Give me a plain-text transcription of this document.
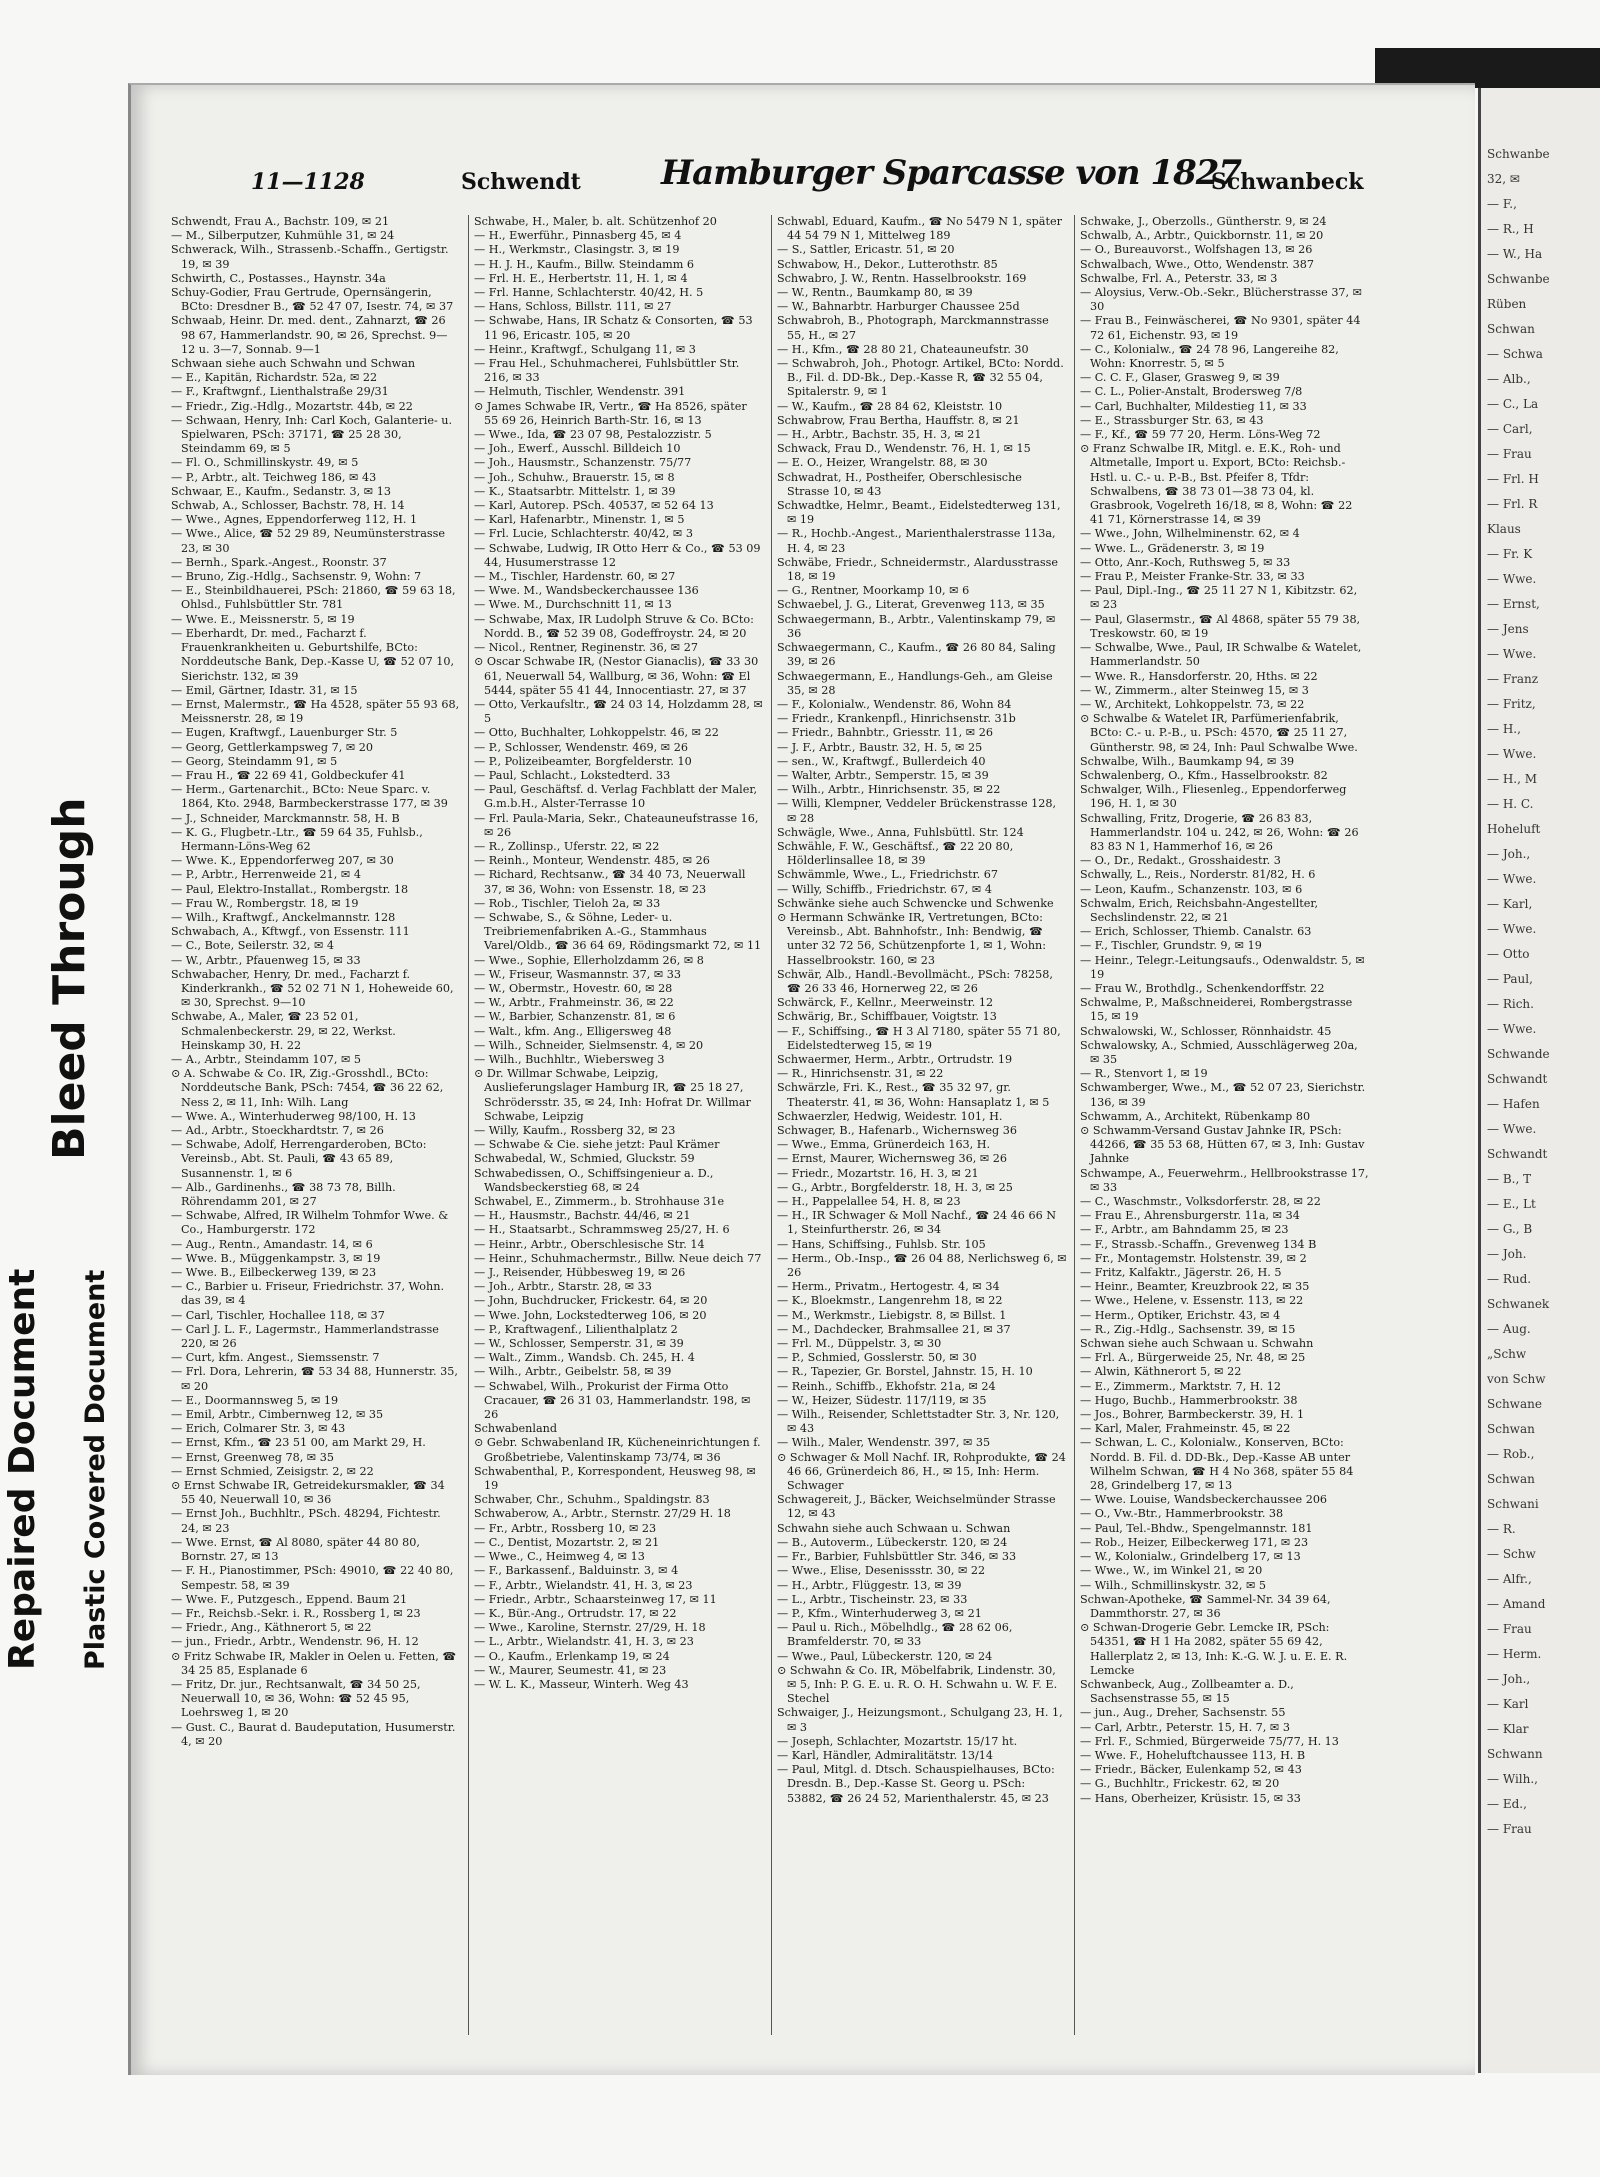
Bleed Through
Repaired Document Plastic Covered Document
11—1128	Schwendt Hamburger Sparcasse von 1827
Schwanbeck
Schwendt, Frau A., Bachstr. 109, ✉ 21
— M., Silberputzer, Kuhmühle 31, ✉ 24
Schwerack, Wilh., Strassenb.-Schaffn., Gertigstr. 19, ✉ 39
Schwirth, C., Postasses., Haynstr. 34a
Schuy-Godier, Frau Gertrude, Opernsängerin, BCto: Dresdner B., ☎ 52 47 07, Isestr. 74, ✉ 37
Schwaab, Heinr. Dr. med. dent., Zahnarzt, ☎ 26 98 67, Hammerlandstr. 90, ✉ 26, Sprechst. 9—12 u. 3—7, Sonnab. 9—1
Schwaan siehe auch Schwahn und Schwan
— E., Kapitän, Richardstr. 52a, ✉ 22
— F., Kraftwgnf., Lienthalstraße 29/31
— Friedr., Zig.-Hdlg., Mozartstr. 44b, ✉ 22
— Schwaan, Henry, Inh: Carl Koch, Galanterie- u. Spielwaren, PSch: 37171, ☎ 25 28 30, Steindamm 69, ✉ 5
— Fl. O., Schmillinskystr. 49, ✉ 5
— P., Arbtr., alt. Teichweg 186, ✉ 43
Schwaar, E., Kaufm., Sedanstr. 3, ✉ 13
Schwab, A., Schlosser, Bachstr. 78, H. 14
— Wwe., Agnes, Eppendorferweg 112, H. 1
— Wwe., Alice, ☎ 52 29 89, Neumünsterstrasse 23, ✉ 30
— Bernh., Spark.-Angest., Roonstr. 37
— Bruno, Zig.-Hdlg., Sachsenstr. 9, Wohn: 7
— E., Steinbildhauerei, PSch: 21860, ☎ 59 63 18, Ohlsd., Fuhlsbüttler Str. 781
— Wwe. E., Meissnerstr. 5, ✉ 19
— Eberhardt, Dr. med., Facharzt f. Frauenkrankheiten u. Geburtshilfe, BCto: Norddeutsche Bank, Dep.-Kasse U, ☎ 52 07 10, Sierichstr. 132, ✉ 39
— Emil, Gärtner, Idastr. 31, ✉ 15
— Ernst, Malermstr., ☎ Ha 4528, später 55 93 68, Meissnerstr. 28, ✉ 19
— Eugen, Kraftwgf., Lauenburger Str. 5
— Georg, Gettlerkampsweg 7, ✉ 20
— Georg, Steindamm 91, ✉ 5
— Frau H., ☎ 22 69 41, Goldbeckufer 41
— Herm., Gartenarchit., BCto: Neue Sparc. v. 1864, Kto. 2948, Barmbeckerstrasse 177, ✉ 39
— J., Schneider, Marckmannstr. 58, H. B
— K. G., Flugbetr.-Ltr., ☎ 59 64 35, Fuhlsb., Hermann-Löns-Weg 62
— Wwe. K., Eppendorferweg 207, ✉ 30
— P., Arbtr., Herrenweide 21, ✉ 4
— Paul, Elektro-Installat., Rombergstr. 18
— Frau W., Rombergstr. 18, ✉ 19
— Wilh., Kraftwgf., Anckelmannstr. 128
Schwabach, A., Kftwgf., von Essenstr. 111
— C., Bote, Seilerstr. 32, ✉ 4
— W., Arbtr., Pfauenweg 15, ✉ 33
Schwabacher, Henry, Dr. med., Facharzt f. Kinderkrankh., ☎ 52 02 71 N 1, Hoheweide 60, ✉ 30, Sprechst. 9—10
Schwabe, A., Maler, ☎ 23 52 01, Schmalenbeckerstr. 29, ✉ 22, Werkst. Heinskamp 30, H. 22
— A., Arbtr., Steindamm 107, ✉ 5
⊙ A. Schwabe & Co. IR, Zig.-Grosshdl., BCto: Norddeutsche Bank, PSch: 7454, ☎ 36 22 62, Ness 2, ✉ 11, Inh: Wilh. Lang
— Wwe. A., Winterhuderweg 98/100, H. 13
— Ad., Arbtr., Stoeckhardtstr. 7, ✉ 26
— Schwabe, Adolf, Herrengarderoben, BCto: Vereinsb., Abt. St. Pauli, ☎ 43 65 89, Susannenstr. 1, ✉ 6
— Alb., Gardinenhs., ☎ 38 73 78, Billh. Röhrendamm 201, ✉ 27
— Schwabe, Alfred, IR Wilhelm Tohmfor Wwe. & Co., Hamburgerstr. 172
— Aug., Rentn., Amandastr. 14, ✉ 6
— Wwe. B., Müggenkampstr. 3, ✉ 19
— Wwe. B., Eilbeckerweg 139, ✉ 23
— C., Barbier u. Friseur, Friedrichstr. 37, Wohn. das 39, ✉ 4
— Carl, Tischler, Hochallee 118, ✉ 37
— Carl J. L. F., Lagermstr., Hammerlandstrasse 220, ✉ 26
— Curt, kfm. Angest., Siemssenstr. 7
— Frl. Dora, Lehrerin, ☎ 53 34 88, Hunnerstr. 35, ✉ 20
— E., Doormannsweg 5, ✉ 19
— Emil, Arbtr., Cimbernweg 12, ✉ 35
— Erich, Colmarer Str. 3, ✉ 43
— Ernst, Kfm., ☎ 23 51 00, am Markt 29, H.
— Ernst, Greenweg 78, ✉ 35
— Ernst Schmied, Zeisigstr. 2, ✉ 22
⊙ Ernst Schwabe IR, Getreidekursmakler, ☎ 34 55 40, Neuerwall 10, ✉ 36
— Ernst Joh., Buchhltr., PSch. 48294, Fichtestr. 24, ✉ 23
— Wwe. Ernst, ☎ Al 8080, später 44 80 80, Bornstr. 27, ✉ 13
— F. H., Pianostimmer, PSch: 49010, ☎ 22 40 80, Sempestr. 58, ✉ 39
— Wwe. F., Putzgesch., Eppend. Baum 21
— Fr., Reichsb.-Sekr. i. R., Rossberg 1, ✉ 23
— Friedr., Ang., Käthnerort 5, ✉ 22
— jun., Friedr., Arbtr., Wendenstr. 96, H. 12
⊙ Fritz Schwabe IR, Makler in Oelen u. Fetten, ☎ 34 25 85, Esplanade 6
— Fritz, Dr. jur., Rechtsanwalt, ☎ 34 50 25, Neuerwall 10, ✉ 36, Wohn: ☎ 52 45 95, Loehrsweg 1, ✉ 20
— Gust. C., Baurat d. Baudeputation, Husumerstr. 4, ✉ 20
Schwabe, H., Maler, b. alt. Schützenhof 20
— H., Ewerführ., Pinnasberg 45, ✉ 4
— H., Werkmstr., Clasingstr. 3, ✉ 19
— H. J. H., Kaufm., Billw. Steindamm 6
— Frl. H. E., Herbertstr. 11, H. 1, ✉ 4
— Frl. Hanne, Schlachterstr. 40/42, H. 5
— Hans, Schloss, Billstr. 111, ✉ 27
— Schwabe, Hans, IR Schatz & Consorten, ☎ 53 11 96, Ericastr. 105, ✉ 20
— Heinr., Kraftwgf., Schulgang 11, ✉ 3
— Frau Hel., Schuhmacherei, Fuhlsbüttler Str. 216, ✉ 33
— Helmuth, Tischler, Wendenstr. 391
⊙ James Schwabe IR, Vertr., ☎ Ha 8526, später 55 69 26, Heinrich Barth-Str. 16, ✉ 13
— Wwe., Ida, ☎ 23 07 98, Pestalozzistr. 5
— Joh., Ewerf., Ausschl. Billdeich 10
— Joh., Hausmstr., Schanzenstr. 75/77
— Joh., Schuhw., Brauerstr. 15, ✉ 8
— K., Staatsarbtr. Mittelstr. 1, ✉ 39
— Karl, Autorep. PSch. 40537, ✉ 52 64 13
— Karl, Hafenarbtr., Minenstr. 1, ✉ 5
— Frl. Lucie, Schlachterstr. 40/42, ✉ 3
— Schwabe, Ludwig, IR Otto Herr & Co., ☎ 53 09 44, Husumerstrasse 12
— M., Tischler, Hardenstr. 60, ✉ 27
— Wwe. M., Wandsbeckerchaussee 136
— Wwe. M., Durchschnitt 11, ✉ 13
— Schwabe, Max, IR Ludolph Struve & Co. BCto: Nordd. B., ☎ 52 39 08, Godeffroystr. 24, ✉ 20
— Nicol., Rentner, Reginenstr. 36, ✉ 27
⊙ Oscar Schwabe IR, (Nestor Gianaclis), ☎ 33 30 61, Neuerwall 54, Wallburg, ✉ 36, Wohn: ☎ El 5444, später 55 41 44, Innocentiastr. 27, ✉ 37
— Otto, Verkaufsltr., ☎ 24 03 14, Holzdamm 28, ✉ 5
— Otto, Buchhalter, Lohkoppelstr. 46, ✉ 22
— P., Schlosser, Wendenstr. 469, ✉ 26
— P., Polizeibeamter, Borgfelderstr. 10
— Paul, Schlacht., Lokstedterd. 33
— Paul, Geschäftsf. d. Verlag Fachblatt der Maler, G.m.b.H., Alster-Terrasse 10
— Frl. Paula-Maria, Sekr., Chateauneufstrasse 16, ✉ 26
— R., Zollinsp., Uferstr. 22, ✉ 22
— Reinh., Monteur, Wendenstr. 485, ✉ 26
— Richard, Rechtsanw., ☎ 34 40 73, Neuerwall 37, ✉ 36, Wohn: von Essenstr. 18, ✉ 23
— Rob., Tischler, Tieloh 2a, ✉ 33
— Schwabe, S., & Söhne, Leder- u. Treibriemenfabriken A.-G., Stammhaus Varel/Oldb., ☎ 36 64 69, Rödingsmarkt 72, ✉ 11
— Wwe., Sophie, Ellerholzdamm 26, ✉ 8
— W., Friseur, Wasmannstr. 37, ✉ 33
— W., Obermstr., Hovestr. 60, ✉ 28
— W., Arbtr., Frahmeinstr. 36, ✉ 22
— W., Barbier, Schanzenstr. 81, ✉ 6
— Walt., kfm. Ang., Elligersweg 48
— Wilh., Schneider, Sielmsenstr. 4, ✉ 20
— Wilh., Buchhltr., Wiebersweg 3
⊙ Dr. Willmar Schwabe, Leipzig, Auslieferungslager Hamburg IR, ☎ 25 18 27, Schrödersstr. 35, ✉ 24, Inh: Hofrat Dr. Willmar Schwabe, Leipzig
— Willy, Kaufm., Rossberg 32, ✉ 23
— Schwabe & Cie. siehe jetzt: Paul Krämer
Schwabedal, W., Schmied, Gluckstr. 59
Schwabedissen, O., Schiffsingenieur a. D., Wandsbeckerstieg 68, ✉ 24
Schwabel, E., Zimmerm., b. Strohhause 31e
— H., Hausmstr., Bachstr. 44/46, ✉ 21
— H., Staatsarbt., Schrammsweg 25/27, H. 6
— Heinr., Arbtr., Oberschlesische Str. 14
— Heinr., Schuhmachermstr., Billw. Neue deich 77
— J., Reisender, Hübbesweg 19, ✉ 26
— Joh., Arbtr., Starstr. 28, ✉ 33
— John, Buchdrucker, Frickestr. 64, ✉ 20
— Wwe. John, Lockstedterweg 106, ✉ 20
— P., Kraftwagenf., Lilienthalplatz 2
— W., Schlosser, Semperstr. 31, ✉ 39
— Walt., Zimm., Wandsb. Ch. 245, H. 4
— Wilh., Arbtr., Geibelstr. 58, ✉ 39
— Schwabel, Wilh., Prokurist der Firma Otto Cracauer, ☎ 26 31 03, Hammerlandstr. 198, ✉ 26
Schwabenland
⊙ Gebr. Schwabenland IR, Kücheneinrichtungen f. Großbetriebe, Valentinskamp 73/74, ✉ 36
Schwabenthal, P., Korrespondent, Heusweg 98, ✉ 19
Schwaber, Chr., Schuhm., Spaldingstr. 83
Schwaberow, A., Arbtr., Sternstr. 27/29 H. 18
— Fr., Arbtr., Rossberg 10, ✉ 23
— C., Dentist, Mozartstr. 2, ✉ 21
— Wwe., C., Heimweg 4, ✉ 13
— F., Barkassenf., Balduinstr. 3, ✉ 4
— F., Arbtr., Wielandstr. 41, H. 3, ✉ 23
— Friedr., Arbtr., Schaarsteinweg 17, ✉ 11
— K., Bür.-Ang., Ortrudstr. 17, ✉ 22
— Wwe., Karoline, Sternstr. 27/29, H. 18
— L., Arbtr., Wielandstr. 41, H. 3, ✉ 23
— O., Kaufm., Erlenkamp 19, ✉ 24
— W., Maurer, Seumestr. 41, ✉ 23
— W. L. K., Masseur, Winterh. Weg 43
Schwabl, Eduard, Kaufm., ☎ No 5479 N 1, später 44 54 79 N 1, Mittelweg 189
— S., Sattler, Ericastr. 51, ✉ 20
Schwabow, H., Dekor., Lutterothstr. 85
Schwabro, J. W., Rentn. Hasselbrookstr. 169
— W., Rentn., Baumkamp 80, ✉ 39
— W., Bahnarbtr. Harburger Chaussee 25d
Schwabroh, B., Photograph, Marckmannstrasse 55, H., ✉ 27
— H., Kfm., ☎ 28 80 21, Chateauneufstr. 30
— Schwabroh, Joh., Photogr. Artikel, BCto: Nordd. B., Fil. d. DD-Bk., Dep.-Kasse R, ☎ 32 55 04, Spitalerstr. 9, ✉ 1
— W., Kaufm., ☎ 28 84 62, Kleiststr. 10
Schwabrow, Frau Bertha, Hauffstr. 8, ✉ 21
— H., Arbtr., Bachstr. 35, H. 3, ✉ 21
Schwack, Frau D., Wendenstr. 76, H. 1, ✉ 15
— E. O., Heizer, Wrangelstr. 88, ✉ 30
Schwadrat, H., Postheifer, Oberschlesische Strasse 10, ✉ 43
Schwadtke, Helmr., Beamt., Eidelstedterweg 131, ✉ 19
— R., Hochb.-Angest., Marienthalerstrasse 113a, H. 4, ✉ 23
Schwäbe, Friedr., Schneidermstr., Alardusstrasse 18, ✉ 19
— G., Rentner, Moorkamp 10, ✉ 6
Schwaebel, J. G., Literat, Grevenweg 113, ✉ 35
Schwaegermann, B., Arbtr., Valentinskamp 79, ✉ 36
Schwaegermann, C., Kaufm., ☎ 26 80 84, Saling 39, ✉ 26
Schwaegermann, E., Handlungs-Geh., am Gleise 35, ✉ 28
— F., Kolonialw., Wendenstr. 86, Wohn 84
— Friedr., Krankenpfl., Hinrichsenstr. 31b
— Friedr., Bahnbtr., Griesstr. 11, ✉ 26
— J. F., Arbtr., Baustr. 32, H. 5, ✉ 25
— sen., W., Kraftwgf., Bullerdeich 40
— Walter, Arbtr., Semperstr. 15, ✉ 39
— Wilh., Arbtr., Hinrichsenstr. 35, ✉ 22
— Willi, Klempner, Veddeler Brückenstrasse 128, ✉ 28
Schwägle, Wwe., Anna, Fuhlsbüttl. Str. 124
Schwähle, F. W., Geschäftsf., ☎ 22 20 80, Hölderlinsallee 18, ✉ 39
Schwämmle, Wwe., L., Friedrichstr. 67
— Willy, Schiffb., Friedrichstr. 67, ✉ 4
Schwänke siehe auch Schwencke und Schwenke
⊙ Hermann Schwänke IR, Vertretungen, BCto: Vereinsb., Abt. Bahnhofstr., Inh: Bendwig, ☎ unter 32 72 56, Schützenpforte 1, ✉ 1, Wohn: Hasselbrookstr. 160, ✉ 23
Schwär, Alb., Handl.-Bevollmächt., PSch: 78258, ☎ 26 33 46, Hornerweg 22, ✉ 26
Schwärck, F., Kellnr., Meerweinstr. 12
Schwärig, Br., Schiffbauer, Voigtstr. 13
— F., Schiffsing., ☎ H 3 Al 7180, später 55 71 80, Eidelstedterweg 15, ✉ 19
Schwaermer, Herm., Arbtr., Ortrudstr. 19
— R., Hinrichsenstr. 31, ✉ 22
Schwärzle, Fri. K., Rest., ☎ 35 32 97, gr. Theaterstr. 41, ✉ 36, Wohn: Hansaplatz 1, ✉ 5
Schwaerzler, Hedwig, Weidestr. 101, H.
Schwager, B., Hafenarb., Wichernsweg 36
— Wwe., Emma, Grünerdeich 163, H.
— Ernst, Maurer, Wichernsweg 36, ✉ 26
— Friedr., Mozartstr. 16, H. 3, ✉ 21
— G., Arbtr., Borgfelderstr. 18, H. 3, ✉ 25
— H., Pappelallee 54, H. 8, ✉ 23
— H., IR Schwager & Moll Nachf., ☎ 24 46 66 N 1, Steinfurtherstr. 26, ✉ 34
— Hans, Schiffsing., Fuhlsb. Str. 105
— Herm., Ob.-Insp., ☎ 26 04 88, Nerlichsweg 6, ✉ 26
— Herm., Privatm., Hertogestr. 4, ✉ 34
— K., Bloekmstr., Langenrehm 18, ✉ 22
— M., Werkmstr., Liebigstr. 8, ✉ Billst. 1
— M., Dachdecker, Brahmsallee 21, ✉ 37
— Frl. M., Düppelstr. 3, ✉ 30
— P., Schmied, Gosslerstr. 50, ✉ 30
— R., Tapezier, Gr. Borstel, Jahnstr. 15, H. 10
— Reinh., Schiffb., Ekhofstr. 21a, ✉ 24
— W., Heizer, Südestr. 117/119, ✉ 35
— Wilh., Reisender, Schlettstadter Str. 3, Nr. 120, ✉ 43
— Wilh., Maler, Wendenstr. 397, ✉ 35
⊙ Schwager & Moll Nachf. IR, Rohprodukte, ☎ 24 46 66, Grünerdeich 86, H., ✉ 15, Inh: Herm. Schwager
Schwagereit, J., Bäcker, Weichselmünder Strasse 12, ✉ 43
Schwahn siehe auch Schwaan u. Schwan
— B., Autoverm., Lübeckerstr. 120, ✉ 24
— Fr., Barbier, Fuhlsbüttler Str. 346, ✉ 33
— Wwe., Elise, Desenissstr. 30, ✉ 22
— H., Arbtr., Flüggestr. 13, ✉ 39
— L., Arbtr., Tischeinstr. 23, ✉ 33
— P., Kfm., Winterhuderweg 3, ✉ 21
— Paul u. Rich., Möbelhdlg., ☎ 28 62 06, Bramfelderstr. 70, ✉ 33
— Wwe., Paul, Lübeckerstr. 120, ✉ 24
⊙ Schwahn & Co. IR, Möbelfabrik, Lindenstr. 30, ✉ 5, Inh: P. G. E. u. R. O. H. Schwahn u. W. F. E. Stechel
Schwaiger, J., Heizungsmont., Schulgang 23, H. 1, ✉ 3
— Joseph, Schlachter, Mozartstr. 15/17 ht.
— Karl, Händler, Admiralitätstr. 13/14
— Paul, Mitgl. d. Dtsch. Schauspielhauses, BCto: Dresdn. B., Dep.-Kasse St. Georg u. PSch: 53882, ☎ 26 24 52, Marienthalerstr. 45, ✉ 23
Schwake, J., Oberzolls., Güntherstr. 9, ✉ 24
Schwalb, A., Arbtr., Quickbornstr. 11, ✉ 20
— O., Bureauvorst., Wolfshagen 13, ✉ 26
Schwalbach, Wwe., Otto, Wendenstr. 387
Schwalbe, Frl. A., Peterstr. 33, ✉ 3
— Aloysius, Verw.-Ob.-Sekr., Blücherstrasse 37, ✉ 30
— Frau B., Feinwäscherei, ☎ No 9301, später 44 72 61, Eichenstr. 93, ✉ 19
— C., Kolonialw., ☎ 24 78 96, Langereihe 82, Wohn: Knorrestr. 5, ✉ 5
— C. C. F., Glaser, Grasweg 9, ✉ 39
— C. L., Polier-Anstalt, Brodersweg 7/8
— Carl, Buchhalter, Mildestieg 11, ✉ 33
— E., Strassburger Str. 63, ✉ 43
— F., Kf., ☎ 59 77 20, Herm. Löns-Weg 72
⊙ Franz Schwalbe IR, Mitgl. e. E.K., Roh- und Altmetalle, Import u. Export, BCto: Reichsb.-Hstl. u. C.- u. P.-B., Bst. Pfeifer 8, Tfdr: Schwalbens, ☎ 38 73 01—38 73 04, kl. Grasbrook, Vogelreth 16/18, ✉ 8, Wohn: ☎ 22 41 71, Körnerstrasse 14, ✉ 39
— Wwe., John, Wilhelminenstr. 62, ✉ 4
— Wwe. L., Grädenerstr. 3, ✉ 19
— Otto, Anr.-Koch, Ruthsweg 5, ✉ 33
— Frau P., Meister Franke-Str. 33, ✉ 33
— Paul, Dipl.-Ing., ☎ 25 11 27 N 1, Kibitzstr. 62, ✉ 23
— Paul, Glasermstr., ☎ Al 4868, später 55 79 38, Treskowstr. 60, ✉ 19
— Schwalbe, Wwe., Paul, IR Schwalbe & Watelet, Hammerlandstr. 50
— Wwe. R., Hansdorferstr. 20, Hths. ✉ 22
— W., Zimmerm., alter Steinweg 15, ✉ 3
— W., Architekt, Lohkoppelstr. 73, ✉ 22
⊙ Schwalbe & Watelet IR, Parfümerienfabrik, BCto: C.- u. P.-B., u. PSch: 4570, ☎ 25 11 27, Güntherstr. 98, ✉ 24, Inh: Paul Schwalbe Wwe.
Schwalbe, Wilh., Baumkamp 94, ✉ 39
Schwalenberg, O., Kfm., Hasselbrookstr. 82
Schwalger, Wilh., Fliesenleg., Eppendorferweg 196, H. 1, ✉ 30
Schwalling, Fritz, Drogerie, ☎ 26 83 83, Hammerlandstr. 104 u. 242, ✉ 26, Wohn: ☎ 26 83 83 N 1, Hammerhof 16, ✉ 26
— O., Dr., Redakt., Grosshaidestr. 3
Schwally, L., Reis., Norderstr. 81/82, H. 6
— Leon, Kaufm., Schanzenstr. 103, ✉ 6
Schwalm, Erich, Reichsbahn-Angestellter, Sechslindenstr. 22, ✉ 21
— Erich, Schlosser, Thiemb. Canalstr. 63
— F., Tischler, Grundstr. 9, ✉ 19
— Heinr., Telegr.-Leitungsaufs., Odenwaldstr. 5, ✉ 19
— Frau W., Brothdlg., Schenkendorffstr. 22
Schwalme, P., Maßschneiderei, Rombergstrasse 15, ✉ 19
Schwalowski, W., Schlosser, Rönnhaidstr. 45
Schwalowsky, A., Schmied, Ausschlägerweg 20a, ✉ 35
— R., Stenvort 1, ✉ 19
Schwamberger, Wwe., M., ☎ 52 07 23, Sierichstr. 136, ✉ 39
Schwamm, A., Architekt, Rübenkamp 80
⊙ Schwamm-Versand Gustav Jahnke IR, PSch: 44266, ☎ 35 53 68, Hütten 67, ✉ 3, Inh: Gustav Jahnke
Schwampe, A., Feuerwehrm., Hellbrookstrasse 17, ✉ 33
— C., Waschmstr., Volksdorferstr. 28, ✉ 22
— Frau E., Ahrensburgerstr. 11a, ✉ 34
— F., Arbtr., am Bahndamm 25, ✉ 23
— F., Strassb.-Schaffn., Grevenweg 134 B
— Fr., Montagemstr. Holstenstr. 39, ✉ 2
— Fritz, Kalfaktr., Jägerstr. 26, H. 5
— Heinr., Beamter, Kreuzbrook 22, ✉ 35
— Wwe., Helene, v. Essenstr. 113, ✉ 22
— Herm., Optiker, Erichstr. 43, ✉ 4
— R., Zig.-Hdlg., Sachsenstr. 39, ✉ 15
Schwan siehe auch Schwaan u. Schwahn
— Frl. A., Bürgerweide 25, Nr. 48, ✉ 25
— Alwin, Käthnerort 5, ✉ 22
— E., Zimmerm., Marktstr. 7, H. 12
— Hugo, Buchb., Hammerbrookstr. 38
— Jos., Bohrer, Barmbeckerstr. 39, H. 1
— Karl, Maler, Frahmeinstr. 45, ✉ 22
— Schwan, L. C., Kolonialw., Konserven, BCto: Nordd. B. Fil. d. DD-Bk., Dep.-Kasse AB unter Wilhelm Schwan, ☎ H 4 No 368, später 55 84 28, Grindelberg 17, ✉ 13
— Wwe. Louise, Wandsbeckerchaussee 206
— O., Vw.-Btr., Hammerbrookstr. 38
— Paul, Tel.-Bhdw., Spengelmannstr. 181
— Rob., Heizer, Eilbeckerweg 171, ✉ 23
— W., Kolonialw., Grindelberg 17, ✉ 13
— Wwe., W., im Winkel 21, ✉ 20
— Wilh., Schmillinskystr. 32, ✉ 5
Schwan-Apotheke, ☎ Sammel-Nr. 34 39 64, Dammthorstr. 27, ✉ 36
⊙ Schwan-Drogerie Gebr. Lemcke IR, PSch: 54351, ☎ H 1 Ha 2082, später 55 69 42, Hallerplatz 2, ✉ 13, Inh: K.-G. W. J. u. E. E. R. Lemcke
Schwanbeck, Aug., Zollbeamter a. D., Sachsenstrasse 55, ✉ 15
— jun., Aug., Dreher, Sachsenstr. 55
— Carl, Arbtr., Peterstr. 15, H. 7, ✉ 3
— Frl. F., Schmied, Bürgerweide 75/77, H. 13
— Wwe. F., Hoheluftchaussee 113, H. B
— Friedr., Bäcker, Eulenkamp 52, ✉ 43
— G., Buchhltr., Frickestr. 62, ✉ 20
— Hans, Oberheizer, Krüsistr. 15, ✉ 33
Schwanbe
32, ✉
— F.,
— R., H
— W., Ha
Schwanbe
Rüben
Schwan
— Schwa
— Alb.,
— C., La
— Carl,
— Frau
— Frl. H
— Frl. R
Klaus
— Fr. K
— Wwe.
— Ernst,
— Jens
— Wwe.
— Franz
— Fritz,
— H.,
— Wwe.
— H., M
— H. C.
Hoheluft
— Joh.,
— Wwe.
— Karl,
— Wwe.
— Otto
— Paul,
— Rich.
— Wwe.
Schwande
Schwandt
— Hafen
— Wwe.
Schwandt
— B., T
— E., Lt
— G., B
— Joh.
— Rud.
Schwanek
— Aug.
„Schw
von Schw
Schwane
Schwan
— Rob.,
Schwan
Schwani
— R.
— Schw
— Alfr.,
— Amand
— Frau
— Herm.
— Joh.,
— Karl
— Klar
Schwann
— Wilh.,
— Ed.,
— Frau
